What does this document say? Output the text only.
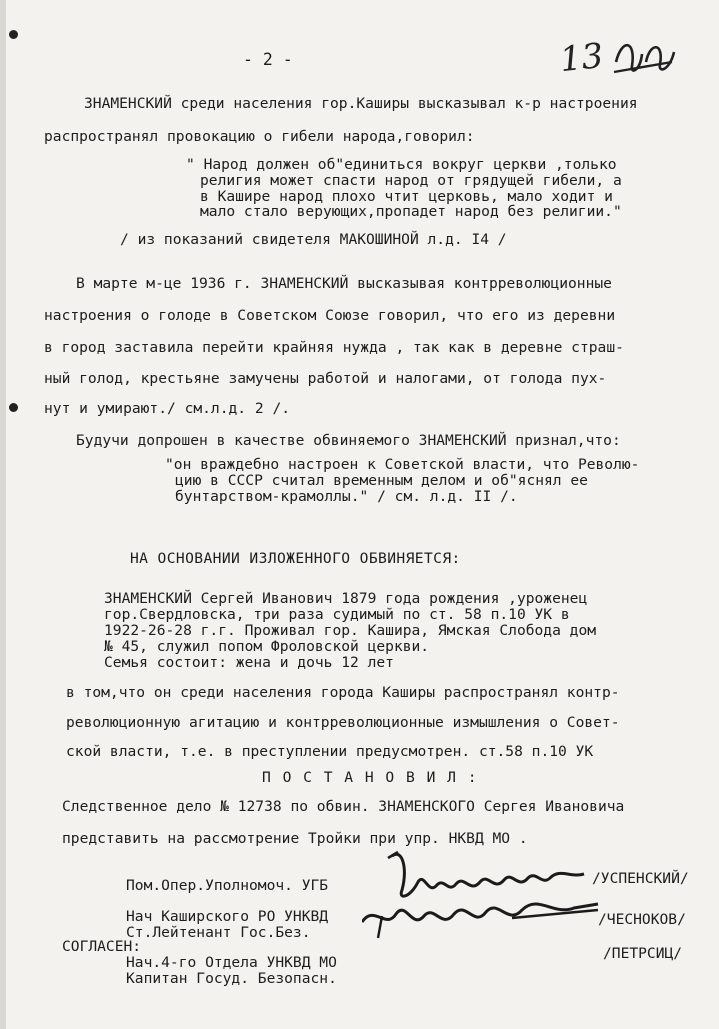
- 2 -	13
ЗНАМЕНСКИЙ среди населения гор.Каширы высказывал к-р настроения
распространял провокацию о гибели народа,говорил:
" Народ должен об"единиться вокруг церкви ,только
религия может спасти народ от грядущей гибели, а
в Кашире народ плохо чтит церковь, мало ходит и
мало стало верующих,пропадет народ без религии."
/ из показаний свидетеля МАКОШИНОЙ л.д. I4 /
В марте м-це 1936 г. ЗНАМЕНСКИЙ высказывая контрреволюционные
настроения о голоде в Советском Союзе говорил, что его из деревни
в город заставила перейти крайняя нужда , так как в деревне страш-
ный голод, крестьяне замучены работой и налогами, от голода пух-
нут и умирают./ см.л.д. 2 /.
Будучи допрошен в качестве обвиняемого ЗНАМЕНСКИЙ признал,что:
"он враждебно настроен к Советской власти, что Револю-
цию в СССР считал временным делом и об"яснял ее
бунтарством-крамоллы." / см. л.д. II /.
НА ОСНОВАНИИ ИЗЛОЖЕННОГО ОБВИНЯЕТСЯ:
ЗНАМЕНСКИЙ Сергей Иванович 1879 года рождения ,уроженец
гор.Свердловска, три раза судимый по ст. 58 п.10 УК в
1922-26-28 г.г. Проживал гор. Кашира, Ямская Слобода дом
№ 45, служил попом Фроловской церкви.
Семья состоит: жена и дочь 12 лет
в том,что он среди населения города Каширы распространял контр-
революционную агитацию и контрреволюционные измышления о Совет-
ской власти, т.е. в преступлении предусмотрен. ст.58 п.10 УК
П О С Т А Н О В И Л :
Следственное дело № 12738 по обвин. ЗНАМЕНСКОГО Сергея Ивановича
представить на рассмотрение Тройки при упр. НКВД МО .
Пом.Опер.Уполномоч. УГБ	/УСПЕНСКИЙ/
Нач Каширского РО УНКВД
Ст.Лейтенант Гос.Без.
/ЧЕСНОКОВ/
СОГЛАСЕН:
Нач.4-го Отдела УНКВД МО
Капитан Госуд. Безопасн.
/ПЕТРСИЦ/
